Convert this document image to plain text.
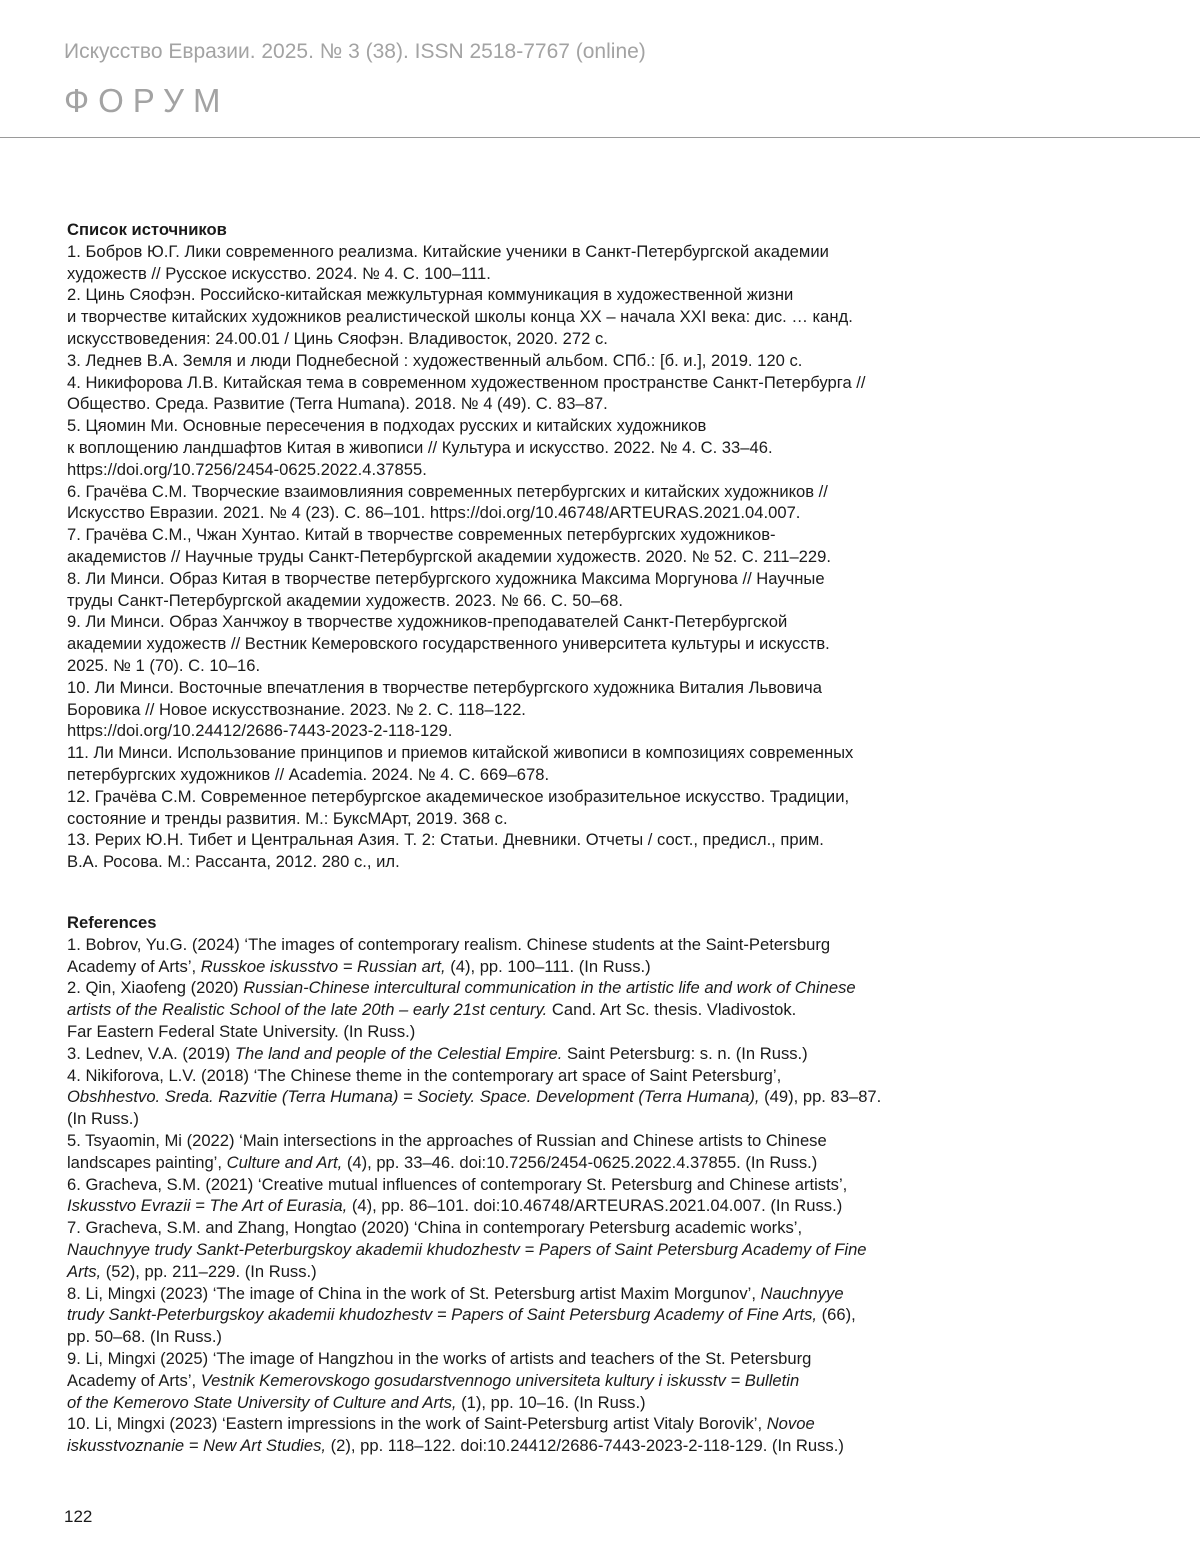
Искусство Евразии. 2025. № 3 (38). ISSN 2518-7767 (online)
ФОРУМ
Список источников
1. Бобров Ю.Г. Лики современного реализма. Китайские ученики в Санкт-Петербургской академии
художеств // Русское искусство. 2024. № 4. С. 100–111.
2. Цинь Сяофэн. Российско-китайская межкультурная коммуникация в художественной жизни
и творчестве китайских художников реалистической школы конца XX – начала XXI века: дис. … канд.
искусствоведения: 24.00.01 / Цинь Сяофэн. Владивосток, 2020. 272 с.
3. Леднев В.А. Земля и люди Поднебесной : художественный альбом. СПб.: [б. и.], 2019. 120 с.
4. Никифорова Л.В. Китайская тема в современном художественном пространстве Санкт-Петербурга //
Общество. Среда. Развитие (Terra Humana). 2018. № 4 (49). С. 83–87.
5. Цяомин Ми. Основные пересечения в подходах русских и китайских художников
к воплощению ландшафтов Китая в живописи // Культура и искусство. 2022. № 4. С. 33–46.
https://doi.org/10.7256/2454-0625.2022.4.37855.
6. Грачёва С.М. Творческие взаимовлияния современных петербургских и китайских художников //
Искусство Евразии. 2021. № 4 (23). С. 86–101. https://doi.org/10.46748/ARTEURAS.2021.04.007.
7. Грачёва С.М., Чжан Хунтао. Китай в творчестве современных петербургских художников-
академистов // Научные труды Санкт-Петербургской академии художеств. 2020. № 52. С. 211–229.
8. Ли Минси. Образ Китая в творчестве петербургского художника Максима Моргунова // Научные
труды Санкт-Петербургской академии художеств. 2023. № 66. С. 50–68.
9. Ли Минси. Образ Ханчжоу в творчестве художников-преподавателей Санкт-Петербургской
академии художеств // Вестник Кемеровского государственного университета культуры и искусств.
2025. № 1 (70). С. 10–16.
10. Ли Минси. Восточные впечатления в творчестве петербургского художника Виталия Львовича
Боровика // Новое искусствознание. 2023. № 2. С. 118–122.
https://doi.org/10.24412/2686-7443-2023-2-118-129.
11. Ли Минси. Использование принципов и приемов китайской живописи в композициях современных
петербургских художников // Academia. 2024. № 4. С. 669–678.
12. Грачёва С.М. Современное петербургское академическое изобразительное искусство. Традиции,
состояние и тренды развития. М.: БуксМАрт, 2019. 368 с.
13. Рерих Ю.Н. Тибет и Центральная Азия. Т. 2: Статьи. Дневники. Отчеты / сост., предисл., прим.
В.А. Росова. М.: Рассанта, 2012. 280 с., ил.
References
1. Bobrov, Yu.G. (2024) ‘The images of contemporary realism. Chinese students at the Saint-Petersburg
Academy of Arts’, Russkoe iskusstvo = Russian art, (4), pp. 100–111. (In Russ.)
2. Qin, Xiaofeng (2020) Russian-Chinese intercultural communication in the artistic life and work of Chinese
artists of the Realistic School of the late 20th – early 21st century. Cand. Art Sc. thesis. Vladivostok.
Far Eastern Federal State University. (In Russ.)
3. Lednev, V.A. (2019) The land and people of the Celestial Empire. Saint Petersburg: s. n. (In Russ.)
4. Nikiforova, L.V. (2018) ‘The Chinese theme in the contemporary art space of Saint Petersburg’,
Obshhestvo. Sreda. Razvitie (Terra Humana) = Society. Space. Development (Terra Humana), (49), pp. 83–87.
(In Russ.)
5. Tsyaomin, Mi (2022) ‘Main intersections in the approaches of Russian and Chinese artists to Chinese
landscapes painting’, Culture and Art, (4), pp. 33–46. doi:10.7256/2454-0625.2022.4.37855. (In Russ.)
6. Gracheva, S.M. (2021) ‘Creative mutual influences of contemporary St. Petersburg and Chinese artists’,
Iskusstvo Evrazii = The Art of Eurasia, (4), pp. 86–101. doi:10.46748/ARTEURAS.2021.04.007. (In Russ.)
7. Gracheva, S.M. and Zhang, Hongtao (2020) ‘China in contemporary Petersburg academic works’,
Nauchnyye trudy Sankt-Peterburgskoy akademii khudozhestv = Papers of Saint Petersburg Academy of Fine
Arts, (52), pp. 211–229. (In Russ.)
8. Li, Mingxi (2023) ‘The image of China in the work of St. Petersburg artist Maxim Morgunov’, Nauchnyye
trudy Sankt-Peterburgskoy akademii khudozhestv = Papers of Saint Petersburg Academy of Fine Arts, (66),
pp. 50–68. (In Russ.)
9. Li, Mingxi (2025) ‘The image of Hangzhou in the works of artists and teachers of the St. Petersburg
Academy of Arts’, Vestnik Kemerovskogo gosudarstvennogo universiteta kultury i iskusstv = Bulletin
of the Kemerovo State University of Culture and Arts, (1), pp. 10–16. (In Russ.)
10. Li, Mingxi (2023) ‘Eastern impressions in the work of Saint-Petersburg artist Vitaly Borovik’, Novoe
iskusstvoznanie = New Art Studies, (2), pp. 118–122. doi:10.24412/2686-7443-2023-2-118-129. (In Russ.)
122
